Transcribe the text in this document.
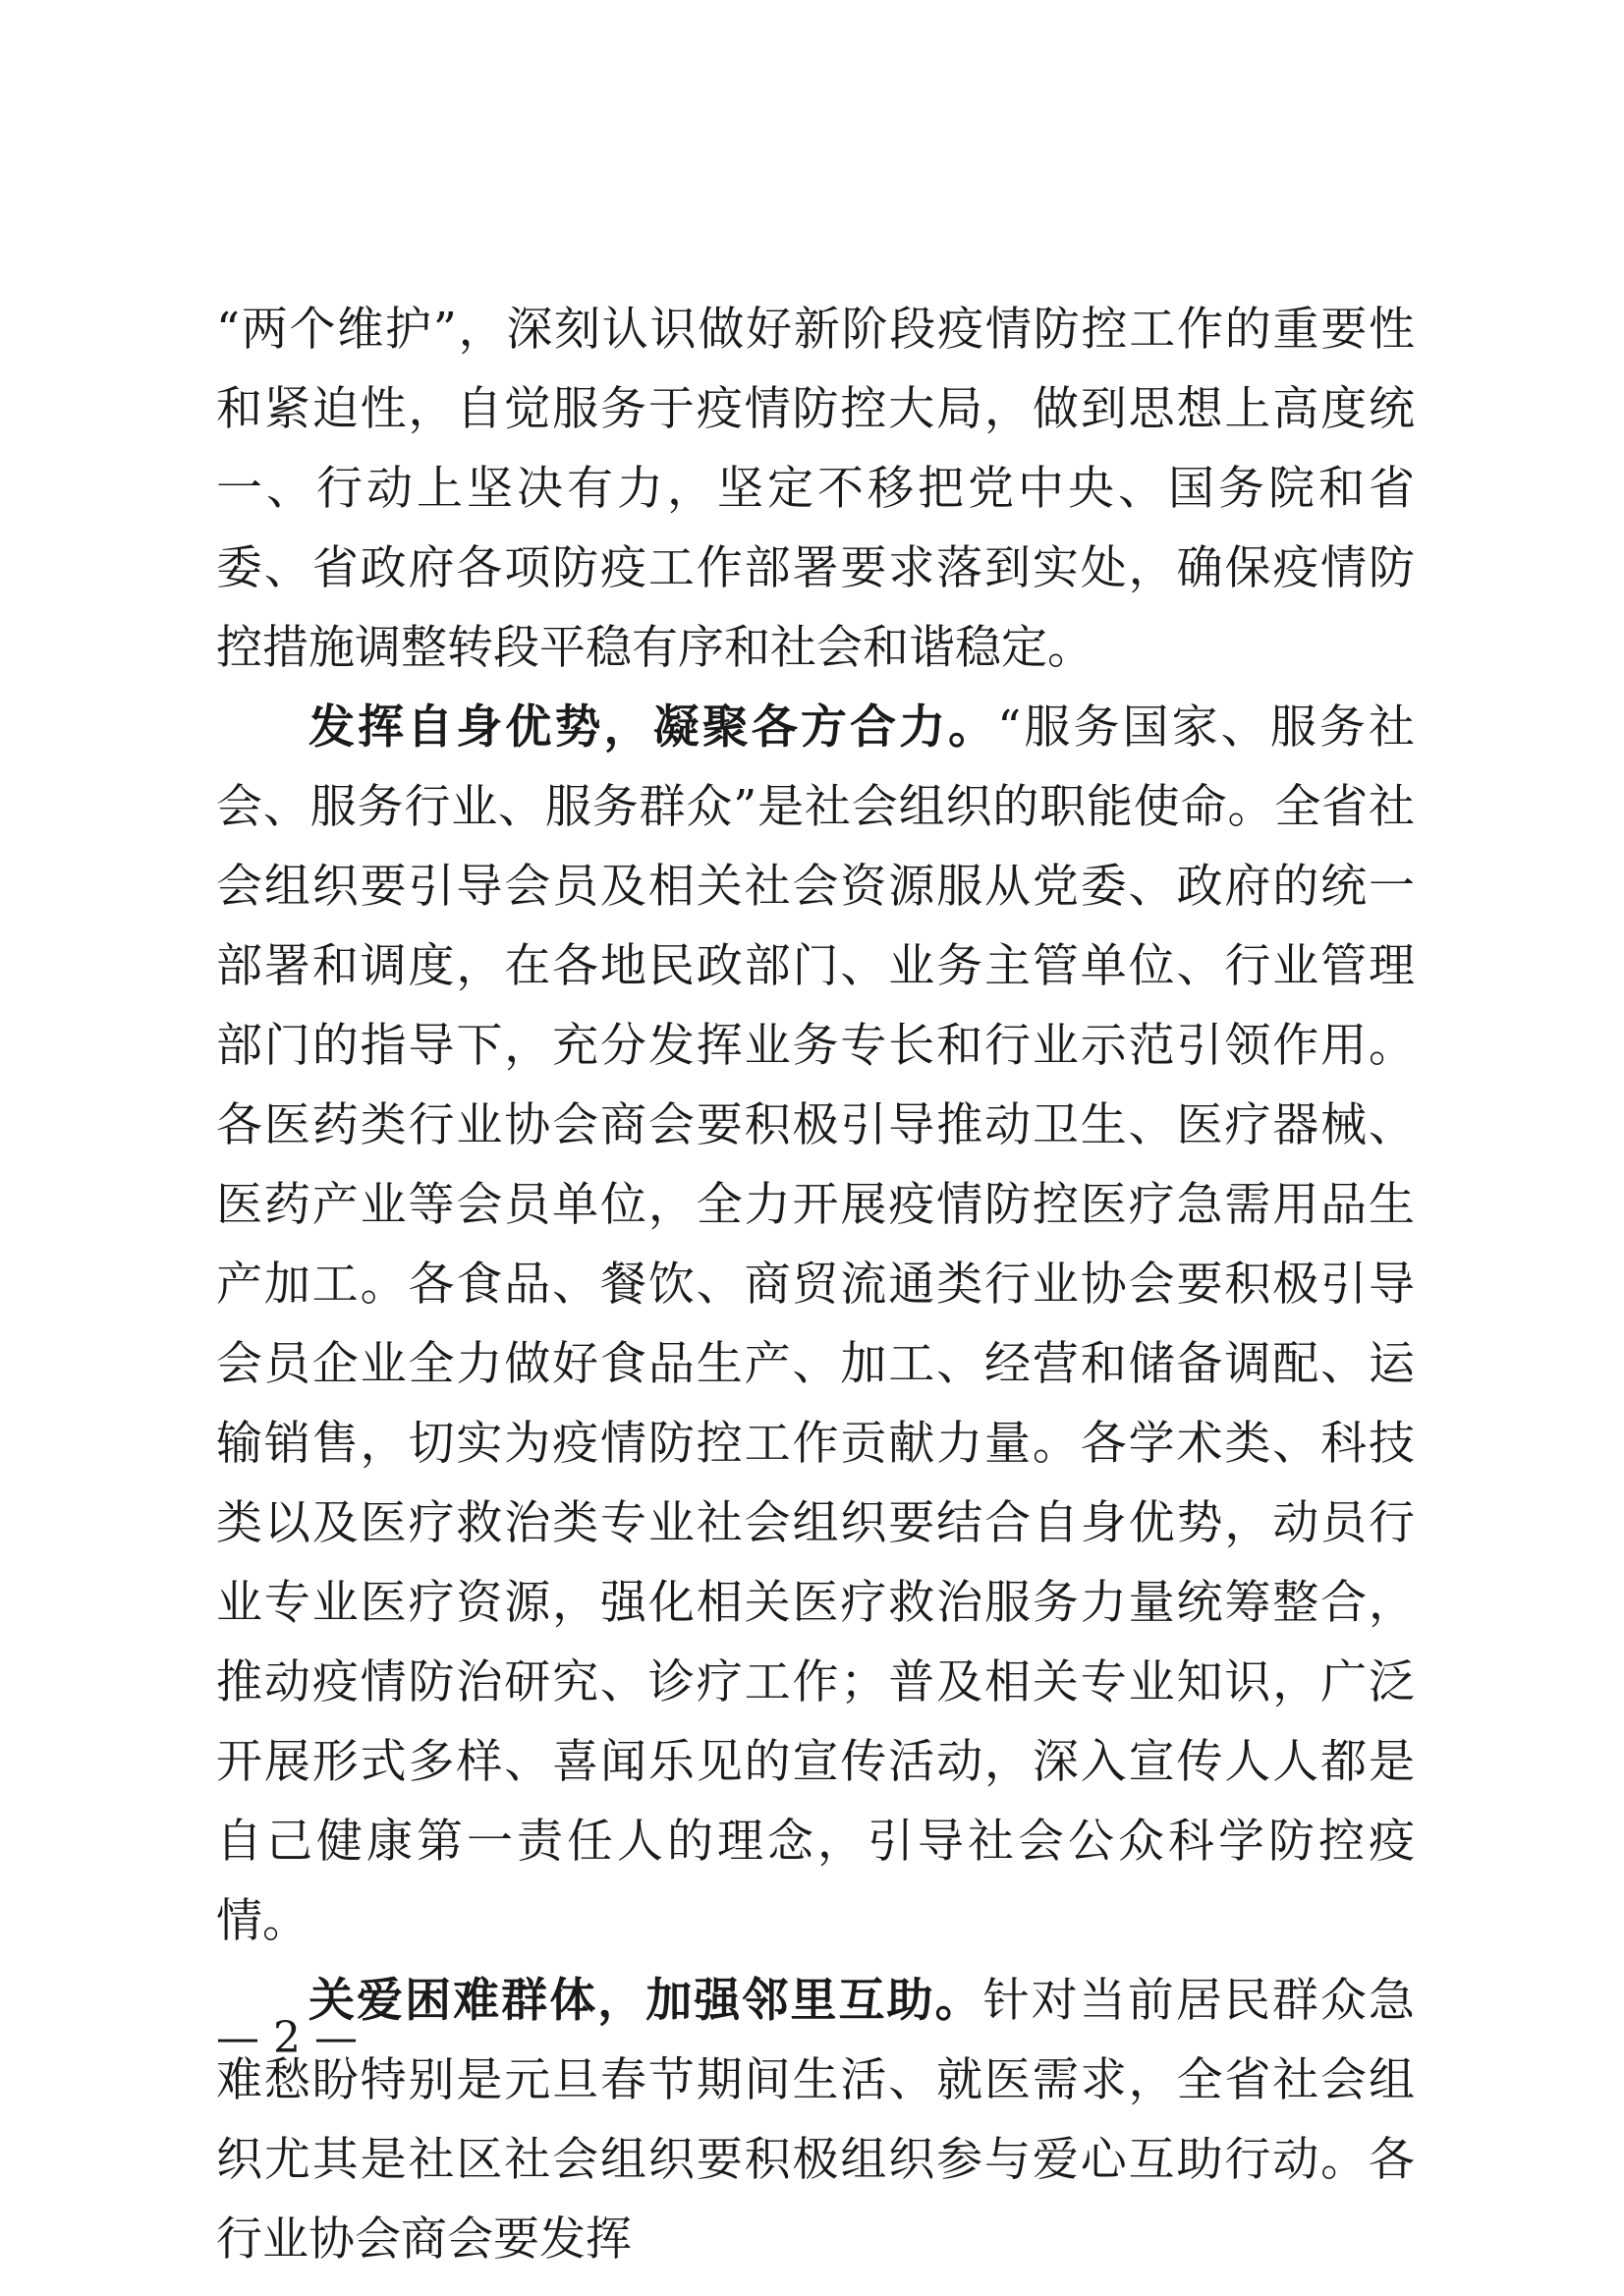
“两个维护”，深刻认识做好新阶段疫情防控工作的重要性和紧迫性，自觉服务于疫情防控大局，做到思想上高度统一、行动上坚决有力，坚定不移把党中央、国务院和省委、省政府各项防疫工作部署要求落到实处，确保疫情防控措施调整转段平稳有序和社会和谐稳定。

发挥自身优势，凝聚各方合力。“服务国家、服务社会、服务行业、服务群众”是社会组织的职能使命。全省社会组织要引导会员及相关社会资源服从党委、政府的统一部署和调度，在各地民政部门、业务主管单位、行业管理部门的指导下，充分发挥业务专长和行业示范引领作用。各医药类行业协会商会要积极引导推动卫生、医疗器械、医药产业等会员单位，全力开展疫情防控医疗急需用品生产加工。各食品、餐饮、商贸流通类行业协会要积极引导会员企业全力做好食品生产、加工、经营和储备调配、运输销售，切实为疫情防控工作贡献力量。各学术类、科技类以及医疗救治类专业社会组织要结合自身优势，动员行业专业医疗资源，强化相关医疗救治服务力量统筹整合，推动疫情防治研究、诊疗工作；普及相关专业知识，广泛开展形式多样、喜闻乐见的宣传活动，深入宣传人人都是自己健康第一责任人的理念，引导社会公众科学防控疫情。

关爱困难群体，加强邻里互助。针对当前居民群众急难愁盼特别是元旦春节期间生活、就医需求，全省社会组织尤其是社区社会组织要积极组织参与爱心互助行动。各行业协会商会要发挥

— 2 —
